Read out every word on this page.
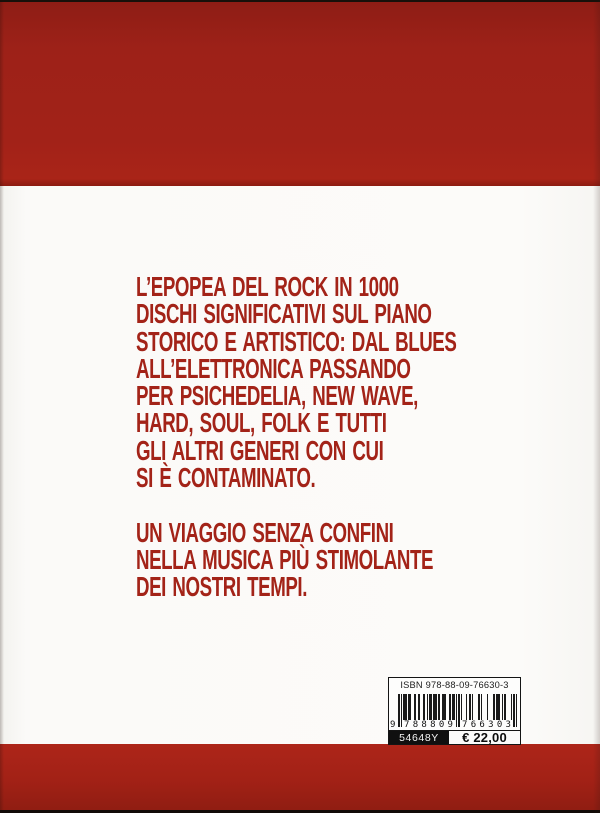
L’EPOPEA DEL ROCK IN 1000
DISCHI SIGNIFICATIVI SUL PIANO
STORICO E ARTISTICO: DAL BLUES
ALL’ELETTRONICA PASSANDO
PER PSICHEDELIA, NEW WAVE,
HARD, SOUL, FOLK E TUTTI
GLI ALTRI GENERI CON CUI
SI È CONTAMINATO.
UN VIAGGIO SENZA CONFINI
NELLA MUSICA PIÙ STIMOLANTE
DEI NOSTRI TEMPI.
ISBN 978-88-09-76630-3
9 7 8 8 8 0 9 7 6 6 3 0 3
54648Y	€ 22,00
